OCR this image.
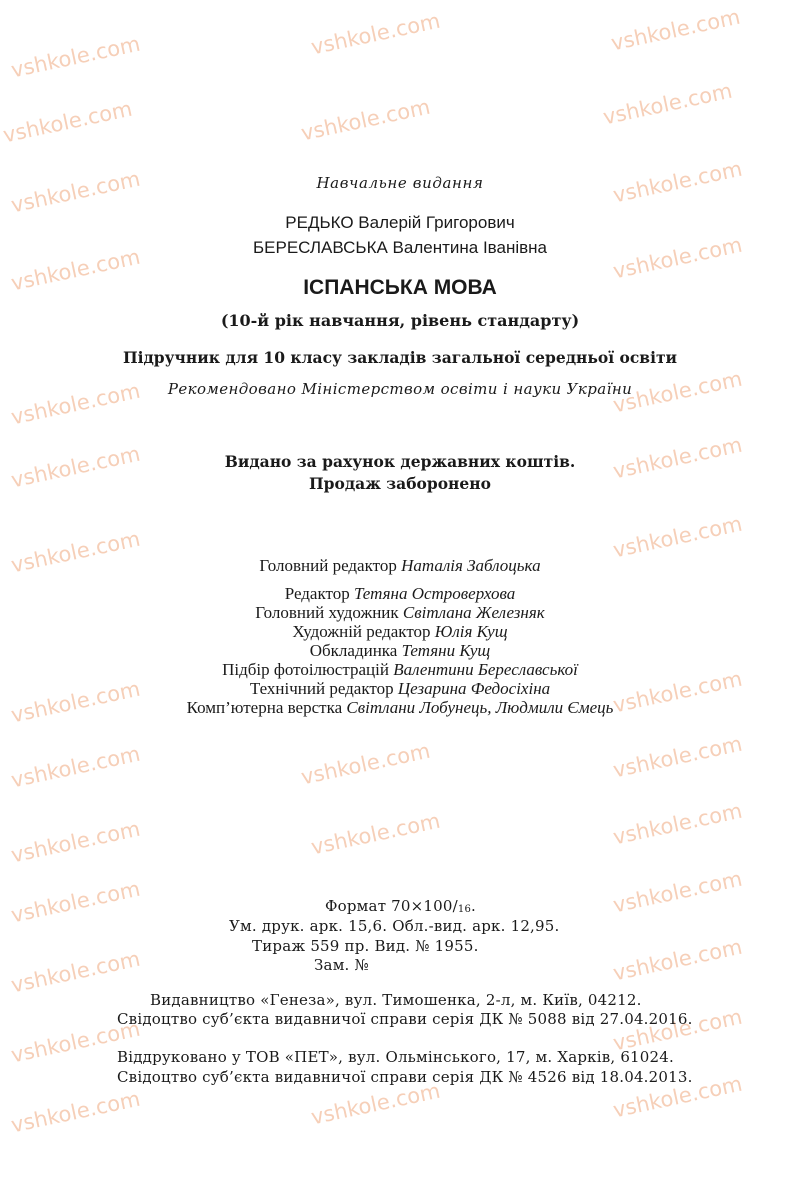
vshkole.com	vshkole.com	vshkole.com
vshkole.com	vshkole.com	vshkole.com
vshkole.com	vshkole.com
vshkole.com	vshkole.com
vshkole.com	vshkole.com
vshkole.com	vshkole.com
vshkole.com	vshkole.com
vshkole.com	vshkole.com
vshkole.com	vshkole.com	vshkole.com
vshkole.com	vshkole.com	vshkole.com
vshkole.com	vshkole.com
vshkole.com	vshkole.com
vshkole.com	vshkole.com
vshkole.com	vshkole.com	vshkole.com
Навчальне видання
РЕДЬКО Валерій Григорович
БЕРЕСЛАВСЬКА Валентина Іванівна
ІСПАНСЬКА МОВА
(10-й рік навчання, рівень стандарту)
Підручник для 10 класу закладів загальної середньої освіти
Рекомендовано Міністерством освіти і науки України
Видано за рахунок державних коштів.
Продаж заборонено
Головний редактор Наталія Заблоцька
Редактор Тетяна Островерхова
Головний художник Світлана Железняк
Художній редактор Юлія Кущ
Обкладинка Тетяни Кущ
Підбір фотоілюстрацій Валентини Береславської
Технічний редактор Цезарина Федосіхіна
Комп’ютерна верстка Світлани Лобунець, Людмили Ємець
Формат $70\times 100/_{16}$.
Ум. друк. арк. 15,6. Обл.-вид. арк. 12,95.
Тираж 559 пр. Вид. № 1955.
Зам. №
Видавництво «Генеза», вул. Тимошенка, 2-л, м. Київ, 04212.
Свідоцтво суб’єкта видавничої справи серія ДК № 5088 від 27.04.2016.
Віддруковано у ТОВ «ПЕТ», вул. Ольмінського, 17, м. Харків, 61024.
Свідоцтво суб’єкта видавничої справи серія ДК № 4526 від 18.04.2013.
